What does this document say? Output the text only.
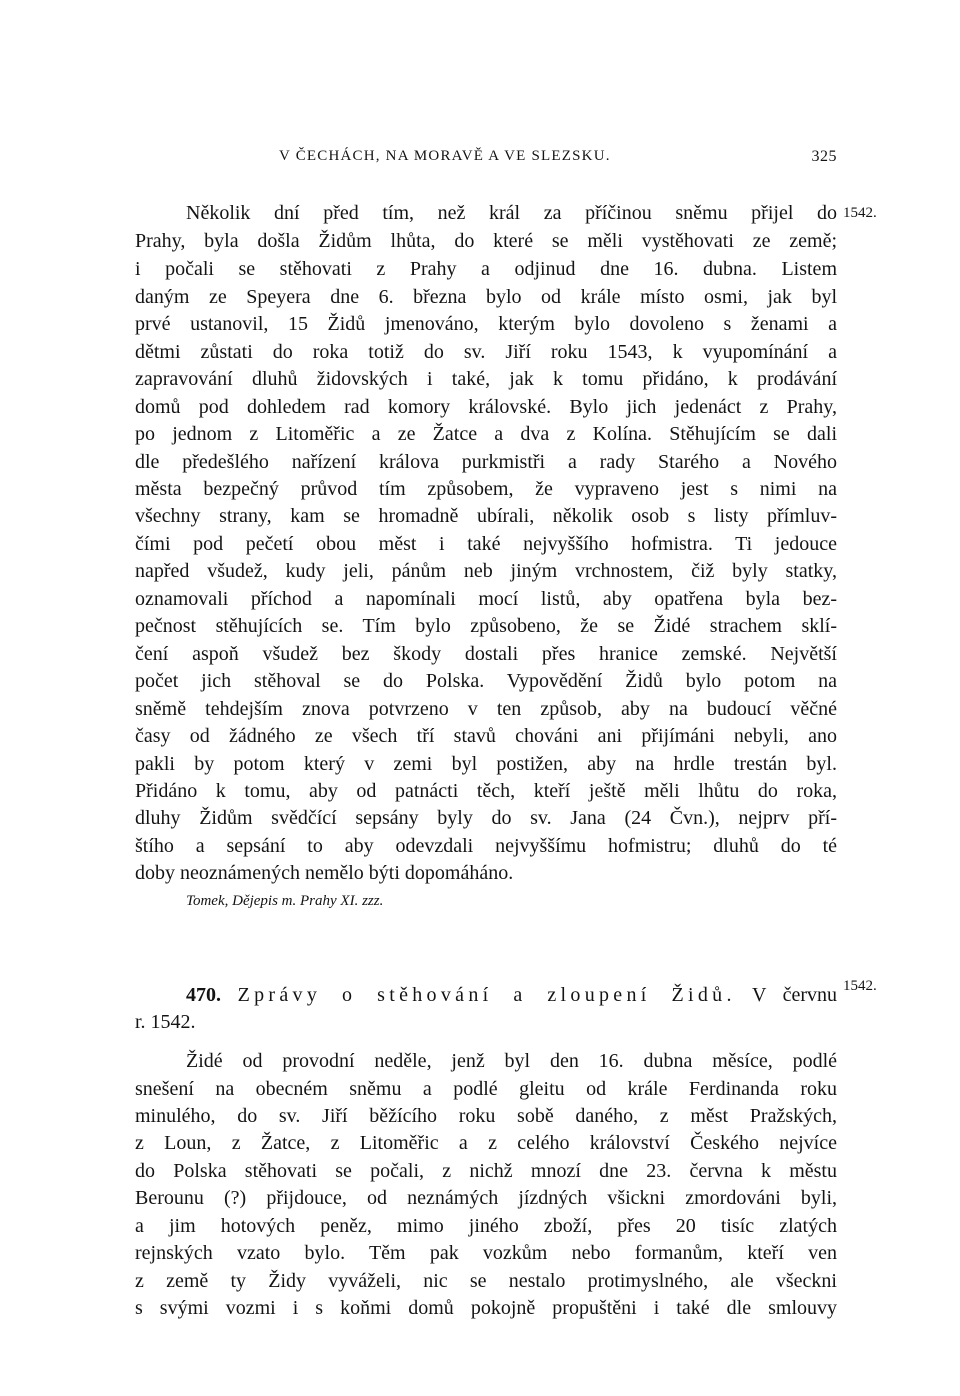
V ČECHÁCH, NA MORAVĚ A VE SLEZSKU.	325
1542.
Několik dní před tím, než král za příčinou sněmu přijel do
Prahy, byla došla Židům lhůta, do které se měli vystěhovati ze země;
i počali se stěhovati z Prahy a odjinud dne 16. dubna. Listem
daným ze Speyera dne 6. března bylo od krále místo osmi, jak byl
prvé ustanovil, 15 Židů jmenováno, kterým bylo dovoleno s ženami a
dětmi zůstati do roka totiž do sv. Jiří roku 1543, k vyupomínání a
zapravování dluhů židovských i také, jak k tomu přidáno, k prodávání
domů pod dohledem rad komory královské. Bylo jich jedenáct z Prahy,
po jednom z Litoměřic a ze Žatce a dva z Kolína. Stěhujícím se dali
dle předešlého nařízení králova purkmistři a rady Starého a Nového
města bezpečný průvod tím způsobem, že vypraveno jest s nimi na
všechny strany, kam se hromadně ubírali, několik osob s listy přímluv-
čími pod pečetí obou měst i také nejvyššího hofmistra. Ti jedouce
napřed všudež, kudy jeli, pánům neb jiným vrchnostem, čiž byly statky,
oznamovali příchod a napomínali mocí listů, aby opatřena byla bez-
pečnost stěhujících se. Tím bylo způsobeno, že se Židé strachem sklí-
čení aspoň všudež bez škody dostali přes hranice zemské. Největší
počet jich stěhoval se do Polska. Vypovědění Židů bylo potom na
sněmě tehdejším znova potvrzeno v ten způsob, aby na budoucí věčné
časy od žádného ze všech tří stavů chováni ani přijímáni nebyli, ano
pakli by potom který v zemi byl postižen, aby na hrdle trestán byl.
Přidáno k tomu, aby od patnácti těch, kteří ještě měli lhůtu do roka,
dluhy Židům svědčící sepsány byly do sv. Jana (24 Čvn.), nejprv pří-
štího a sepsání to aby odevzdali nejvyššímu hofmistru; dluhů do té
doby neoznámených nemělo býti dopomáháno.
Tomek, Dějepis m. Prahy XI. zzz.
1542.
470. Zprávy o stěhování a zloupení Židů. V červnu
r. 1542.
Židé od provodní neděle, jenž byl den 16. dubna měsíce, podlé
snešení na obecném sněmu a podlé gleitu od krále Ferdinanda roku
minulého, do sv. Jiří běžícího roku sobě daného, z měst Pražských,
z Loun, z Žatce, z Litoměřic a z celého království Českého nejvíce
do Polska stěhovati se počali, z nichž mnozí dne 23. června k městu
Berounu (?) přijdouce, od neznámých jízdných všickni zmordováni byli,
a jim hotových peněz, mimo jiného zboží, přes 20 tisíc zlatých
rejnských vzato bylo. Těm pak vozkům nebo formanům, kteří ven
z země ty Židy vyváželi, nic se nestalo protimyslného, ale všeckni
s svými vozmi i s koňmi domů pokojně propuštěni i také dle smlouvy
